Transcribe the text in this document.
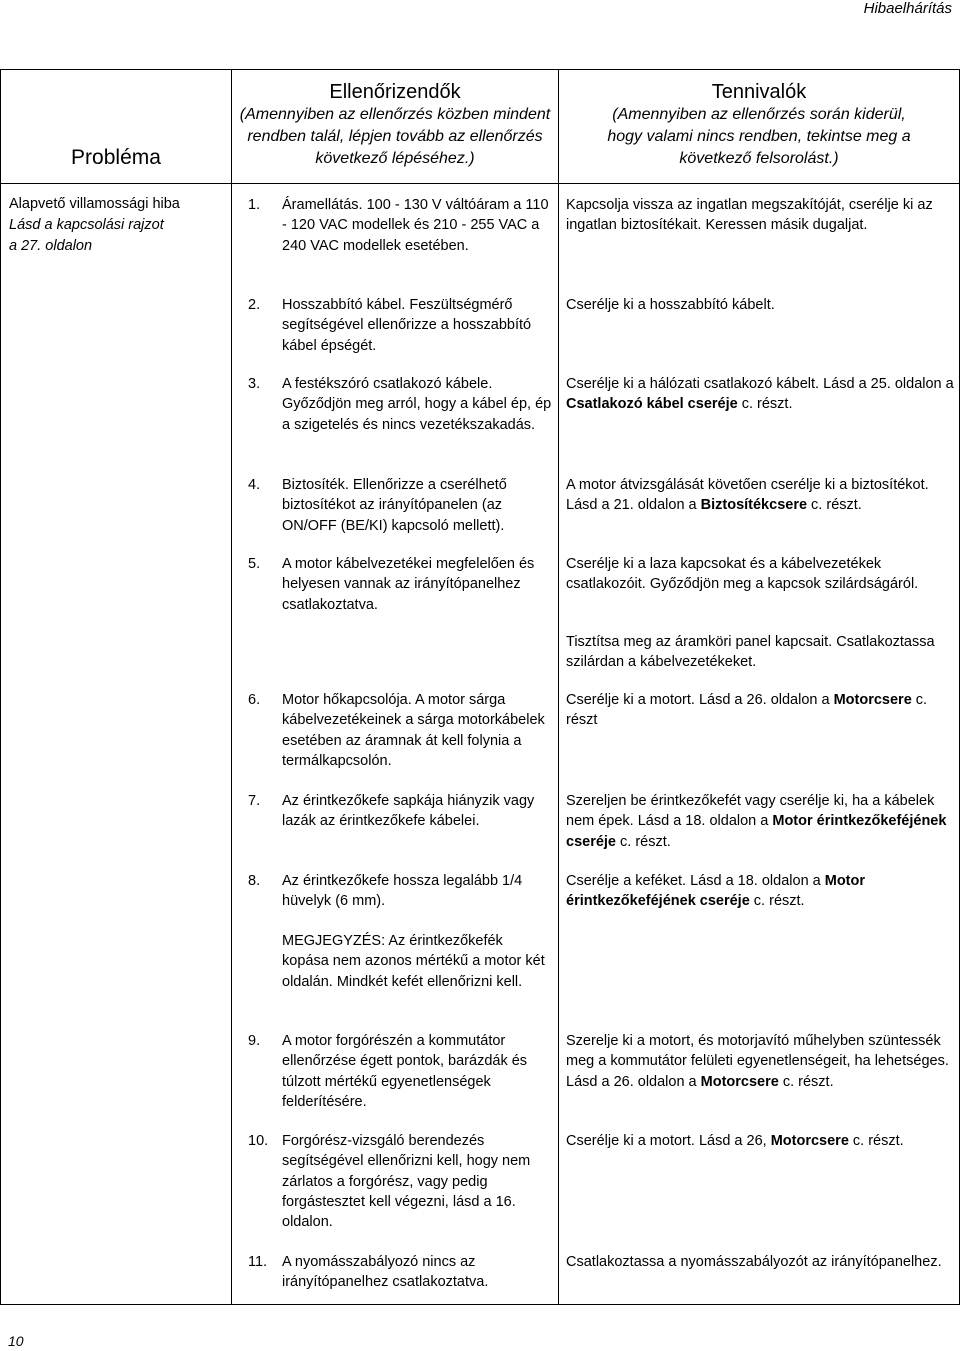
Hibaelhárítás
Probléma
Ellenőrizendők
(Amennyiben az ellenőrzés közben mindent rendben talál, lépjen tovább az ellenőrzés következő lépéséhez.)
Tennivalók
(Amennyiben az ellenőrzés során kiderül, hogy valami nincs rendben, tekintse meg a következő felsorolást.)
Alapvető villamossági hiba
Lásd a kapcsolási rajzot
a 27. oldalon
1. Áramellátás. 100 - 130 V váltóáram a 110 - 120 VAC modellek és 210 - 255 VAC a 240 VAC modellek esetében.
2. Hosszabbító kábel. Feszültségmérő segítségével ellenőrizze a hosszabbító kábel épségét.
3. A festékszóró csatlakozó kábele. Győződjön meg arról, hogy a kábel ép, ép a szigetelés és nincs vezetékszakadás.
4. Biztosíték. Ellenőrizze a cserélhető biztosítékot az irányítópanelen (az ON/OFF (BE/KI) kapcsoló mellett).
5. A motor kábelvezetékei megfelelően és helyesen vannak az irányítópanelhez csatlakoztatva.
6. Motor hőkapcsolója. A motor sárga kábelvezetékeinek a sárga motorkábelek esetében az áramnak át kell folynia a termálkapcsolón.
7. Az érintkezőkefe sapkája hiányzik vagy lazák az érintkezőkefe kábelei.
8. Az érintkezőkefe hossza legalább 1/4 hüvelyk (6 mm).
MEGJEGYZÉS: Az érintkezőkefék kopása nem azonos mértékű a motor két oldalán. Mindkét kefét ellenőrizni kell.
9. A motor forgórészén a kommutátor ellenőrzése égett pontok, barázdák és túlzott mértékű egyenetlenségek felderítésére.
10. Forgórész-vizsgáló berendezés segítségével ellenőrizni kell, hogy nem zárlatos a forgórész, vagy pedig forgástesztet kell végezni, lásd a 16. oldalon.
11. A nyomásszabályozó nincs az irányítópanelhez csatlakoztatva.
Kapcsolja vissza az ingatlan megszakítóját, cserélje ki az ingatlan biztosítékait. Keressen másik dugaljat.
Cserélje ki a hosszabbító kábelt.
Cserélje ki a hálózati csatlakozó kábelt. Lásd a 25. oldalon a Csatlakozó kábel cseréje c. részt.
A motor átvizsgálását követően cserélje ki a biztosítékot. Lásd a 21. oldalon a Biztosítékcsere c. részt.
Cserélje ki a laza kapcsokat és a kábelvezetékek csatlakozóit. Győződjön meg a kapcsok szilárdságáról.
Tisztítsa meg az áramköri panel kapcsait. Csatlakoztassa szilárdan a kábelvezetékeket.
Cserélje ki a motort. Lásd a 26. oldalon a Motorcsere c. részt
Szereljen be érintkezőkefét vagy cserélje ki, ha a kábelek nem épek. Lásd a 18. oldalon a Motor érintkezőkeféjének cseréje c. részt.
Cserélje a keféket. Lásd a 18. oldalon a Motor érintkezőkeféjének cseréje c. részt.
Szerelje ki a motort, és motorjavító műhelyben szüntessék meg a kommutátor felületi egyenetlenségeit, ha lehetséges. Lásd a 26. oldalon a Motorcsere c. részt.
Cserélje ki a motort. Lásd a 26, Motorcsere c. részt.
Csatlakoztassa a nyomásszabályozót az irányítópanelhez.
10
